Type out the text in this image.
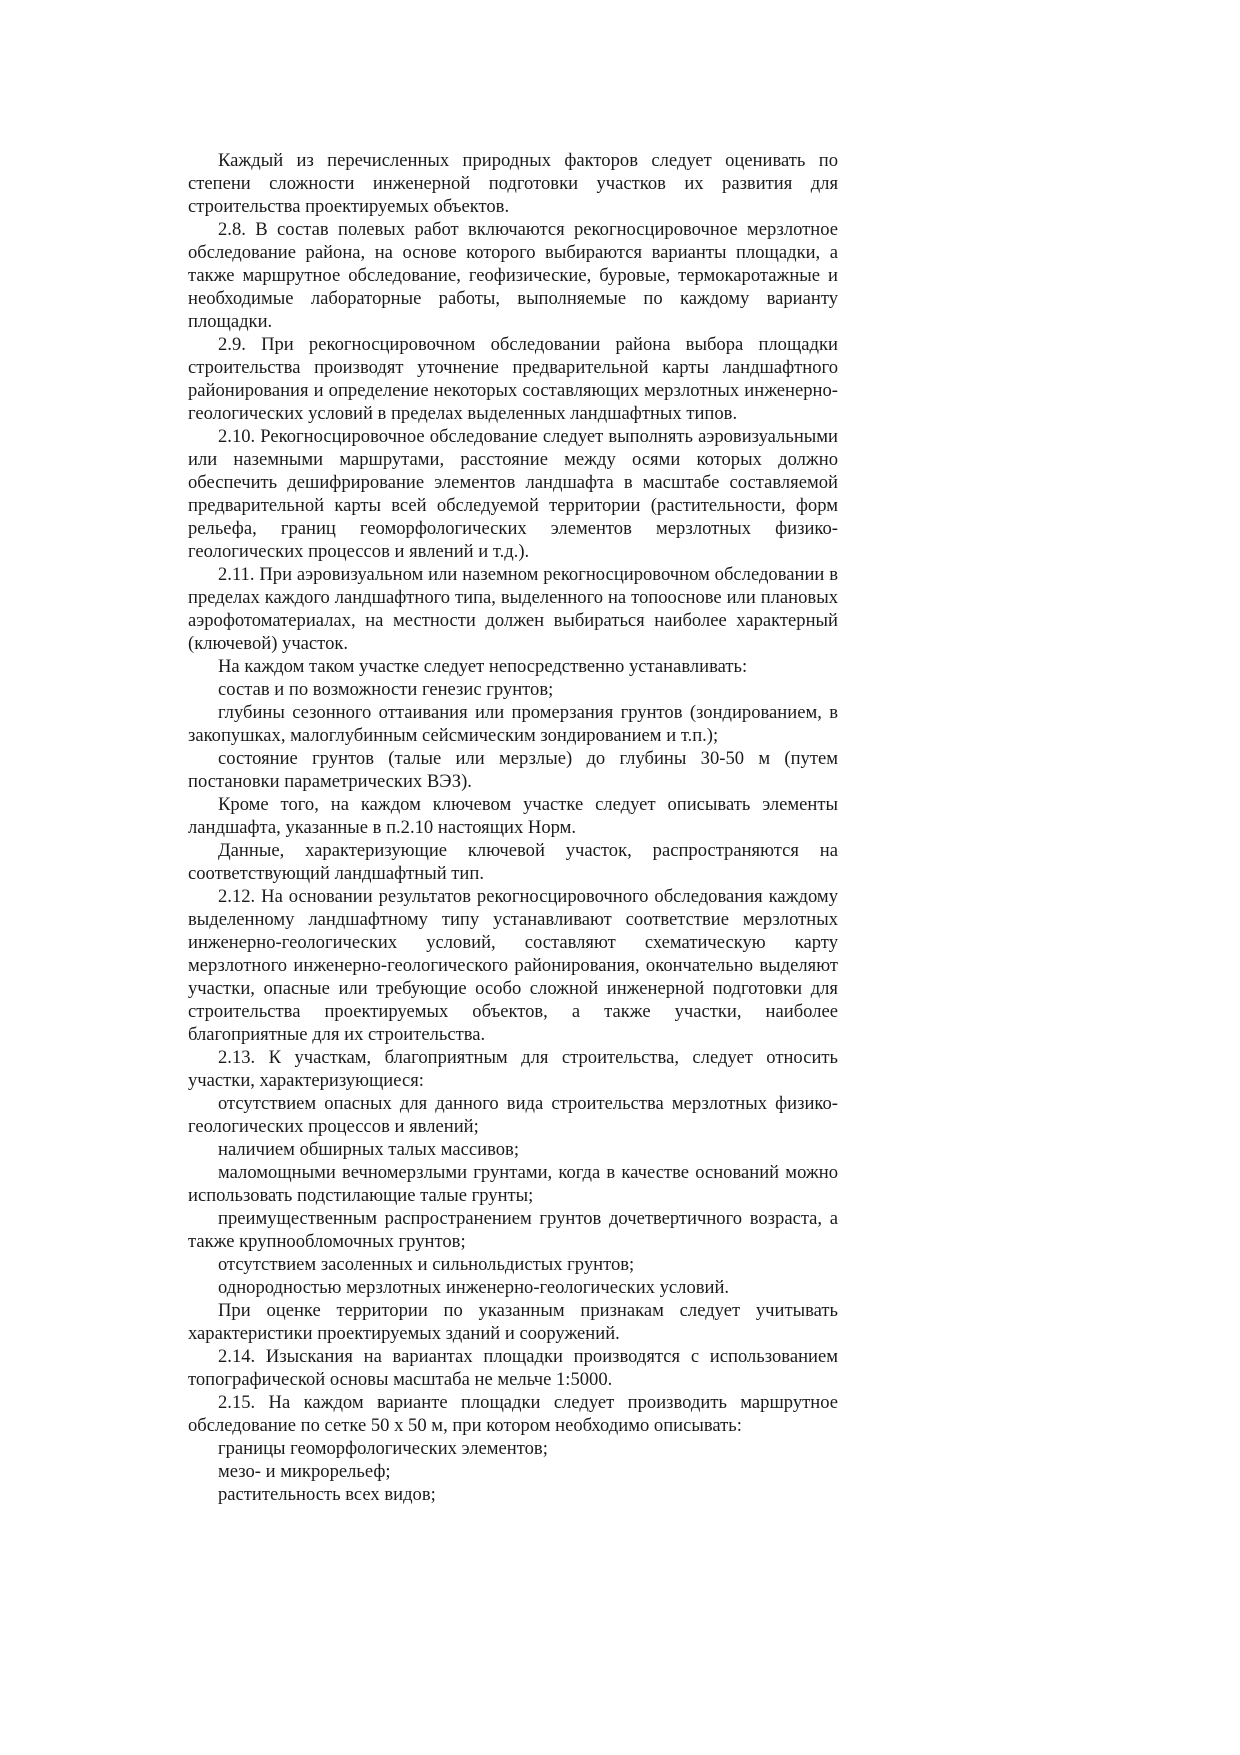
Каждый из перечисленных природных факторов следует оценивать по степени сложности инженерной подготовки участков их развития для строительства проектируемых объектов.

2.8. В состав полевых работ включаются рекогносцировочное мерзлотное обследование района, на основе которого выбираются варианты площадки, а также маршрутное обследование, геофизические, буровые, термокаротажные и необходимые лабораторные работы, выполняемые по каждому варианту площадки.

2.9. При рекогносцировочном обследовании района выбора площадки строительства производят уточнение предварительной карты ландшафтного районирования и определение некоторых составляющих мерзлотных инженерно-геологических условий в пределах выделенных ландшафтных типов.

2.10. Рекогносцировочное обследование следует выполнять аэровизуальными или наземными маршрутами, расстояние между осями которых должно обеспечить дешифрирование элементов ландшафта в масштабе составляемой предварительной карты всей обследуемой территории (растительности, форм рельефа, границ геоморфологических элементов мерзлотных физико-геологических процессов и явлений и т.д.).

2.11. При аэровизуальном или наземном рекогносцировочном обследовании в пределах каждого ландшафтного типа, выделенного на топооснове или плановых аэрофотоматериалах, на местности должен выбираться наиболее характерный (ключевой) участок.

На каждом таком участке следует непосредственно устанавливать:

состав и по возможности генезис грунтов;

глубины сезонного оттаивания или промерзания грунтов (зондированием, в закопушках, малоглубинным сейсмическим зондированием и т.п.);

состояние грунтов (талые или мерзлые) до глубины 30-50 м (путем постановки параметрических ВЭЗ).

Кроме того, на каждом ключевом участке следует описывать элементы ландшафта, указанные в п.2.10 настоящих Норм.

Данные, характеризующие ключевой участок, распространяются на соответствующий ландшафтный тип.

2.12. На основании результатов рекогносцировочного обследования каждому выделенному ландшафтному типу устанавливают соответствие мерзлотных инженерно-геологических условий, составляют схематическую карту мерзлотного инженерно-геологического районирования, окончательно выделяют участки, опасные или требующие особо сложной инженерной подготовки для строительства проектируемых объектов, а также участки, наиболее благоприятные для их строительства.

2.13. К участкам, благоприятным для строительства, следует относить участки, характеризующиеся:

отсутствием опасных для данного вида строительства мерзлотных физико-геологических процессов и явлений;

наличием обширных талых массивов;

маломощными вечномерзлыми грунтами, когда в качестве оснований можно использовать подстилающие талые грунты;

преимущественным распространением грунтов дочетвертичного возраста, а также крупнообломочных грунтов;

отсутствием засоленных и сильнольдистых грунтов;

однородностью мерзлотных инженерно-геологических условий.

При оценке территории по указанным признакам следует учитывать характеристики проектируемых зданий и сооружений.

2.14. Изыскания на вариантах площадки производятся с использованием топографической основы масштаба не мельче 1:5000.

2.15. На каждом варианте площадки следует производить маршрутное обследование по сетке 50 х 50 м, при котором необходимо описывать:

границы геоморфологических элементов;

мезо- и микрорельеф;

растительность всех видов;
